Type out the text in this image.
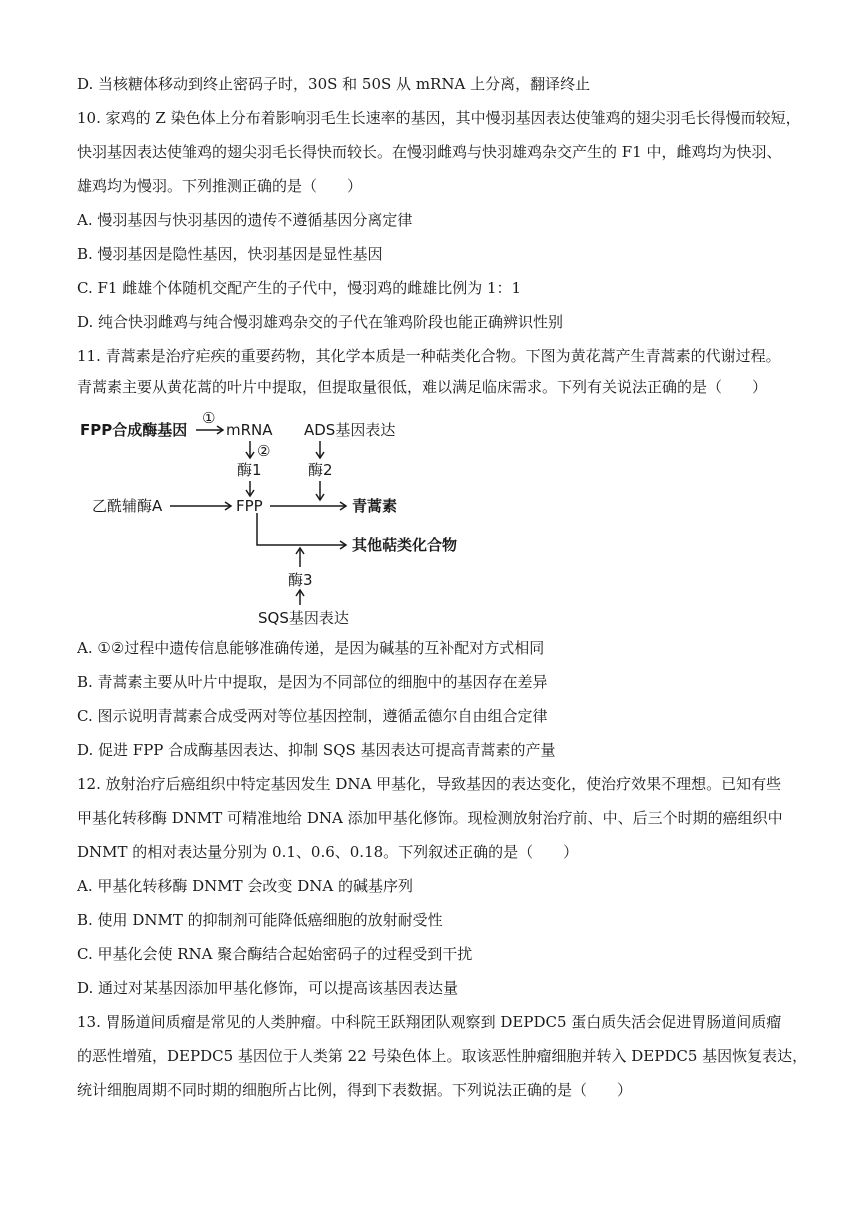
D. 当核糖体移动到终止密码子时，30S 和 50S 从 mRNA 上分离，翻译终止
10. 家鸡的 Z 染色体上分布着影响羽毛生长速率的基因，其中慢羽基因表达使雏鸡的翅尖羽毛长得慢而较短，
快羽基因表达使雏鸡的翅尖羽毛长得快而较长。在慢羽雌鸡与快羽雄鸡杂交产生的 F1 中，雌鸡均为快羽、
雄鸡均为慢羽。下列推测正确的是（　　）
A. 慢羽基因与快羽基因的遗传不遵循基因分离定律
B. 慢羽基因是隐性基因，快羽基因是显性基因
C. F1 雌雄个体随机交配产生的子代中，慢羽鸡的雌雄比例为 1：1
D. 纯合快羽雌鸡与纯合慢羽雄鸡杂交的子代在雏鸡阶段也能正确辨识性别
11. 青蒿素是治疗疟疾的重要药物，其化学本质是一种萜类化合物。下图为黄花蒿产生青蒿素的代谢过程。
青蒿素主要从黄花蒿的叶片中提取，但提取量很低，难以满足临床需求。下列有关说法正确的是（　　）
FPP合成酶基因
①
mRNA ADS基因表达
②
酶1	酶2
乙酰辅酶A	FPP	青蒿素
其他萜类化合物
酶3
SQS基因表达
A. ①②过程中遗传信息能够准确传递，是因为碱基的互补配对方式相同
B. 青蒿素主要从叶片中提取，是因为不同部位的细胞中的基因存在差异
C. 图示说明青蒿素合成受两对等位基因控制，遵循孟德尔自由组合定律
D. 促进 FPP 合成酶基因表达、抑制 SQS 基因表达可提高青蒿素的产量
12. 放射治疗后癌组织中特定基因发生 DNA 甲基化，导致基因的表达变化，使治疗效果不理想。已知有些
甲基化转移酶 DNMT 可精准地给 DNA 添加甲基化修饰。现检测放射治疗前、中、后三个时期的癌组织中
DNMT 的相对表达量分别为 0.1、0.6、0.18。下列叙述正确的是（　　）
A. 甲基化转移酶 DNMT 会改变 DNA 的碱基序列
B. 使用 DNMT 的抑制剂可能降低癌细胞的放射耐受性
C. 甲基化会使 RNA 聚合酶结合起始密码子的过程受到干扰
D. 通过对某基因添加甲基化修饰，可以提高该基因表达量
13. 胃肠道间质瘤是常见的人类肿瘤。中科院王跃翔团队观察到 DEPDC5 蛋白质失活会促进胃肠道间质瘤
的恶性增殖，DEPDC5 基因位于人类第 22 号染色体上。取该恶性肿瘤细胞并转入 DEPDC5 基因恢复表达，
统计细胞周期不同时期的细胞所占比例，得到下表数据。下列说法正确的是（　　）
